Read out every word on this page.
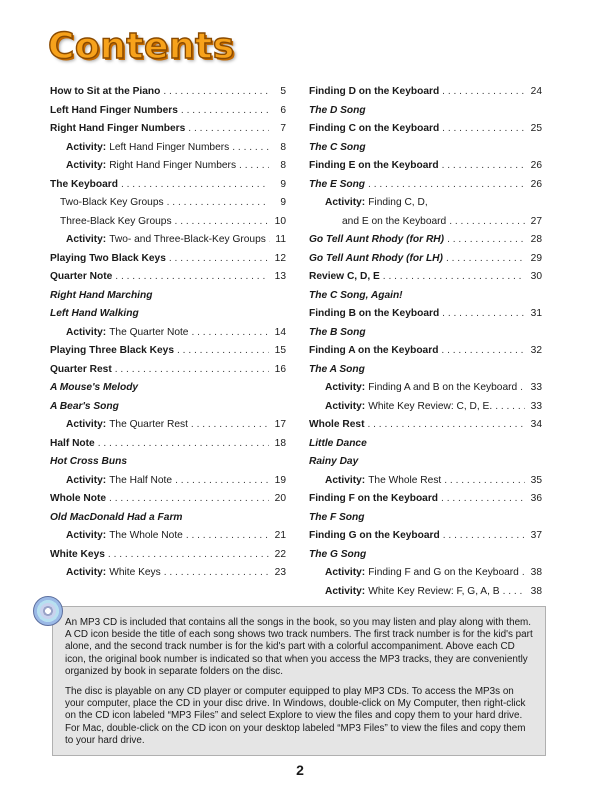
Contents
How to Sit at the Piano . . .	5
Left Hand Finger Numbers . . .	6
Right Hand Finger Numbers . . .	7
Activity: Left Hand Finger Numbers . . .	8
Activity: Right Hand Finger Numbers . . .	8
The Keyboard . . .	9
Two-Black Key Groups . . .	9
Three-Black Key Groups . . .	10
Activity: Two- and Three-Black-Key Groups . . . 11
Playing Two Black Keys . . .	12
Quarter Note . . .	13
Right Hand Marching
Left Hand Walking
Activity: The Quarter Note . . .	14
Playing Three Black Keys . . .	15
Quarter Rest . . .	16
A Mouse's Melody
A Bear's Song
Activity: The Quarter Rest . . .	17
Half Note . . .	18
Hot Cross Buns
Activity: The Half Note . . .	19
Whole Note . . .	20
Old MacDonald Had a Farm
Activity: The Whole Note . . .	21
White Keys . . .	22
Activity: White Keys . . .	23
Finding D on the Keyboard . . .	24
The D Song
Finding C on the Keyboard . . .	25
The C Song
Finding E on the Keyboard . . .	26
The E Song . . .	26
Activity: Finding C, D,
and E on the Keyboard . . .	27
Go Tell Aunt Rhody (for RH) . . .	28
Go Tell Aunt Rhody (for LH) . . .	29
Review C, D, E . . .	30
The C Song, Again!
Finding B on the Keyboard . . .	31
The B Song
Finding A on the Keyboard . . .	32
The A Song
Activity: Finding A and B on the Keyboard . . . 33
Activity: White Key Review: C, D, E. . . .	33
Whole Rest . . .	34
Little Dance
Rainy Day
Activity: The Whole Rest . . .	35
Finding F on the Keyboard . . .	36
The F Song
Finding G on the Keyboard . . .	37
The G Song
Activity: Finding F and G on the Keyboard . . . 38
Activity: White Key Review: F, G, A, B . . .	38

An MP3 CD is included that contains all the songs in the book, so you may listen and play along with them. A CD icon beside the title of each song shows two track numbers. The first track number is for the kid's part alone, and the second track number is for the kid's part with a colorful accompaniment. Above each CD icon, the original book number is indicated so that when you access the MP3 tracks, they are conveniently organized by book in separate folders on the disc.

The disc is playable on any CD player or computer equipped to play MP3 CDs. To access the MP3s on your computer, place the CD in your disc drive. In Windows, double-click on My Computer, then right-click on the CD icon labeled “MP3 Files” and select Explore to view the files and copy them to your hard drive. For Mac, double-click on the CD icon on your desktop labeled “MP3 Files” to view the files and copy them to your hard drive.

2
